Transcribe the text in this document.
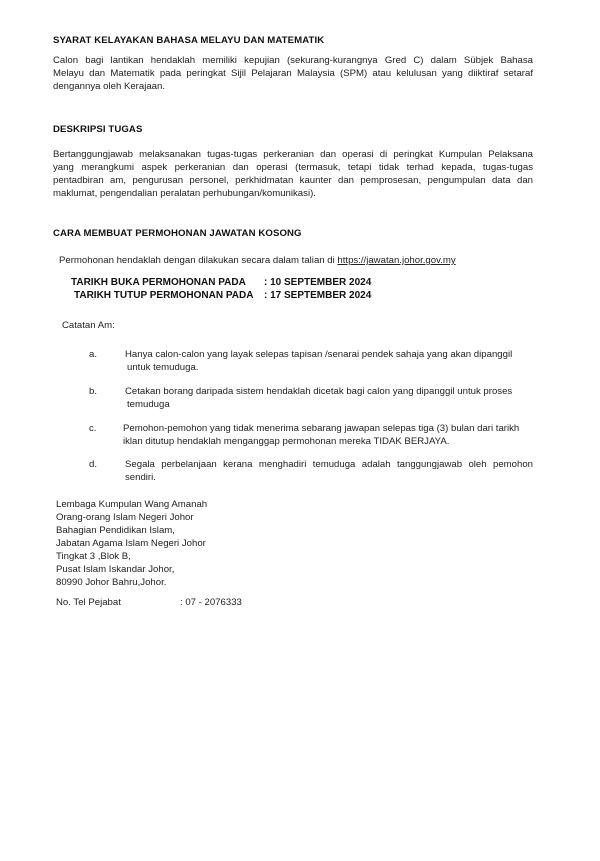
SYARAT KELAYAKAN BAHASA MELAYU DAN MATEMATIK
Calon bagi lantikan hendaklah memiliki kepujian (sekurang-kurangnya Gred C) dalam Sübjek Bahasa
Melayu dan Matematik pada peringkat Sijil Pelajaran Malaysia (SPM) atau kelulusan yang diiktiraf setaraf
dengannya oleh Kerajaan.
DESKRIPSI TUGAS
Bertanggungjawab melaksanakan tugas-tugas perkeranian dan operasi di peringkat Kumpulan Pelaksana
yang merangkumi aspek perkeranian dan operasi (termasuk, tetapi tidak terhad kepada, tugas-tugas
pentadbiran am, pengurusan personel, perkhidmatan kaunter dan pemprosesan, pengumpulan data dan
maklumat, pengendalian peralatan perhubungan/komunikasi).
CARA MEMBUAT PERMOHONAN JAWATAN KOSONG
Permohonan hendaklah dengan dilakukan secara dalam talian di https://jawatan.johor.gov.my
TARIKH BUKA PERMOHONAN PADA : 10 SEPTEMBER 2024
TARIKH TUTUP PERMOHONAN PADA : 17 SEPTEMBER 2024
Catatan Am:
a.	Hanya calon-calon yang layak selepas tapisan /senarai pendek sahaja yang akan dipanggil
untuk temuduga.
b.	Cetakan borang daripada sistem hendaklah dicetak bagi calon yang dipanggil untuk proses
temuduga
c.	Pemohon-pemohon yang tidak menerima sebarang jawapan selepas tiga (3) bulan dari tarikh
iklan ditutup hendaklah menganggap permohonan mereka TIDAK BERJAYA.
d.	Segala perbelanjaan kerana menghadiri temuduga adalah tanggungjawab oleh pemohon
sendiri.
Lembaga Kumpulan Wang Amanah
Orang-orang Islam Negeri Johor
Bahagian Pendidikan Islam,
Jabatan Agama Islam Negeri Johor
Tingkat 3 ,Blok B,
Pusat Islam Iskandar Johor,
80990 Johor Bahru,Johor.
No. Tel Pejabat	: 07 - 2076333
